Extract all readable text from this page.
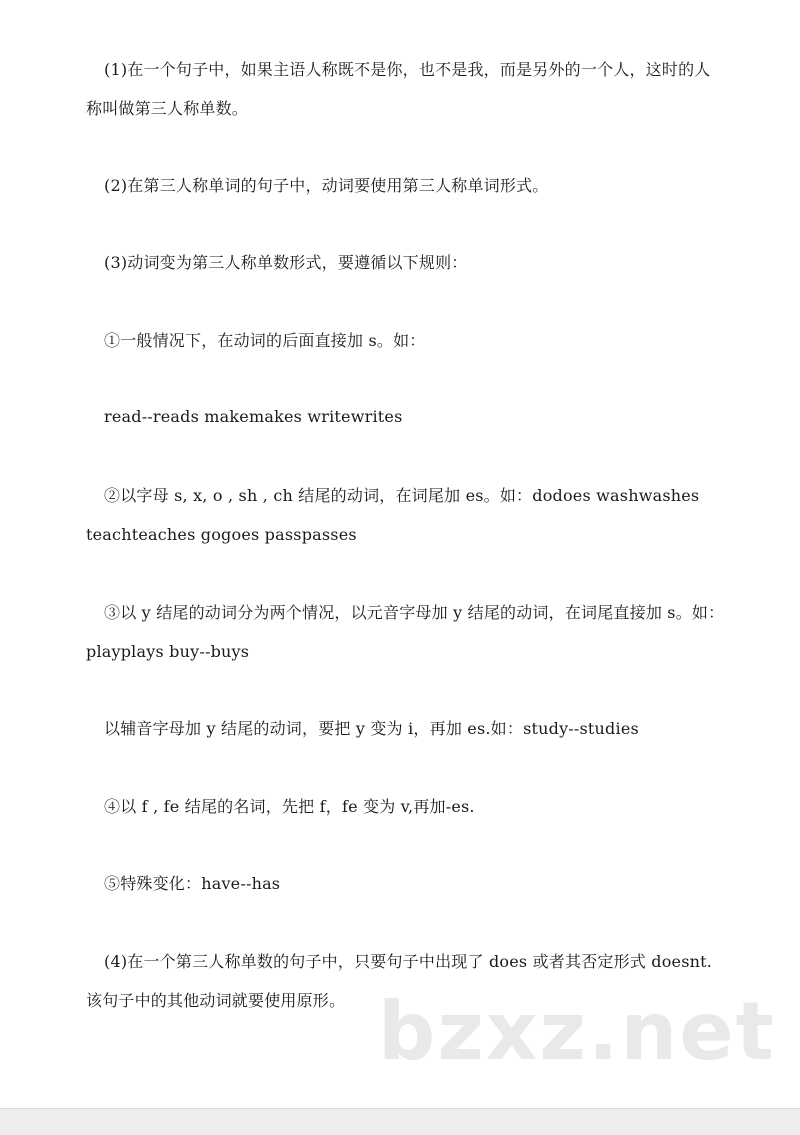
(1)在一个句子中，如果主语人称既不是你，也不是我，而是另外的一个人，这时的人称叫做第三人称单数。

(2)在第三人称单词的句子中，动词要使用第三人称单词形式。

(3)动词变为第三人称单数形式，要遵循以下规则：

①一般情况下，在动词的后面直接加 s。如：

read--reads makemakes writewrites

②以字母 s, x, o , sh , ch 结尾的动词，在词尾加 es。如：dodoes washwashes teachteaches gogoes passpasses

③以 y 结尾的动词分为两个情况，以元音字母加 y 结尾的动词，在词尾直接加 s。如：playplays buy--buys

以辅音字母加 y 结尾的动词，要把 y 变为 i，再加 es.如：study--studies

④以 f , fe 结尾的名词，先把 f，fe 变为 v,再加-es.

⑤特殊变化：have--has

(4)在一个第三人称单数的句子中，只要句子中出现了 does 或者其否定形式 doesnt.该句子中的其他动词就要使用原形。 bzxz.net
